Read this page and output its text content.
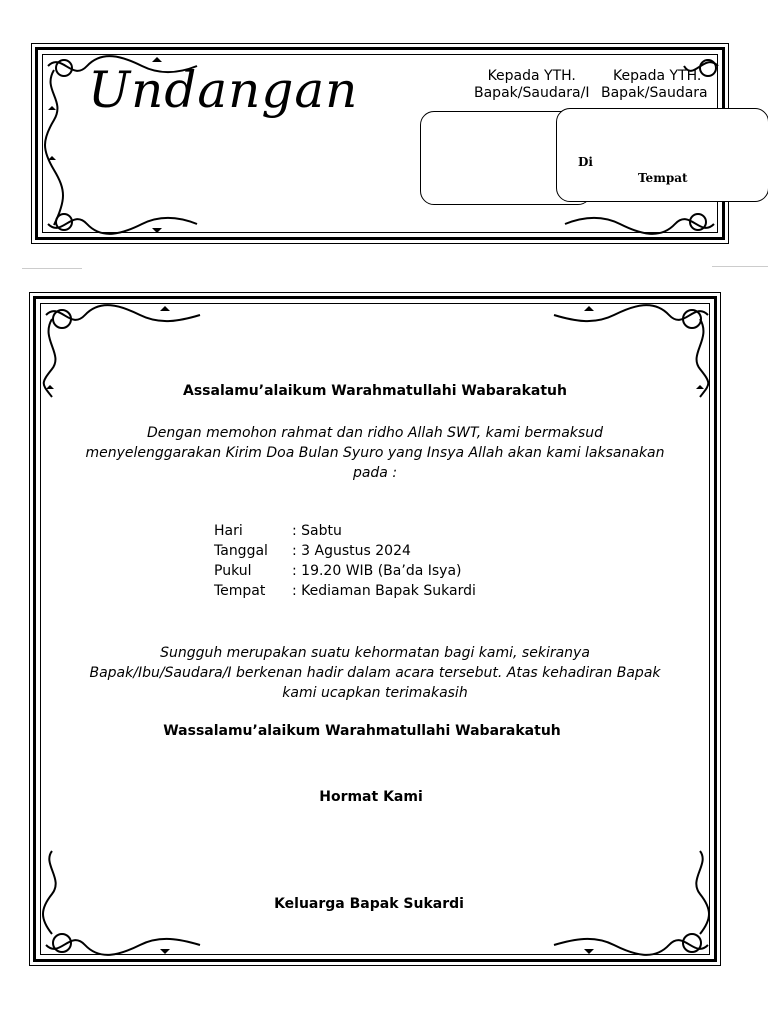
Undangan	Kepada YTH.
Bapak/Saudara/I
Kepada YTH.
Bapak/Saudara
Di
Tempat
Assalamu’alaikum Warahmatullahi Wabarakatuh
Dengan memohon rahmat dan ridho Allah SWT, kami bermaksud
menyelenggarakan Kirim Doa Bulan Syuro yang Insya Allah akan kami laksanakan
pada :
Hari	: Sabtu
Tanggal	: 3 Agustus 2024
Pukul	: 19.20 WIB (Ba’da Isya)
Tempat	: Kediaman Bapak Sukardi
Sungguh merupakan suatu kehormatan bagi kami, sekiranya
Bapak/Ibu/Saudara/I berkenan hadir dalam acara tersebut. Atas kehadiran Bapak
kami ucapkan terimakasih
Wassalamu’alaikum Warahmatullahi Wabarakatuh
Hormat Kami
Keluarga Bapak Sukardi
